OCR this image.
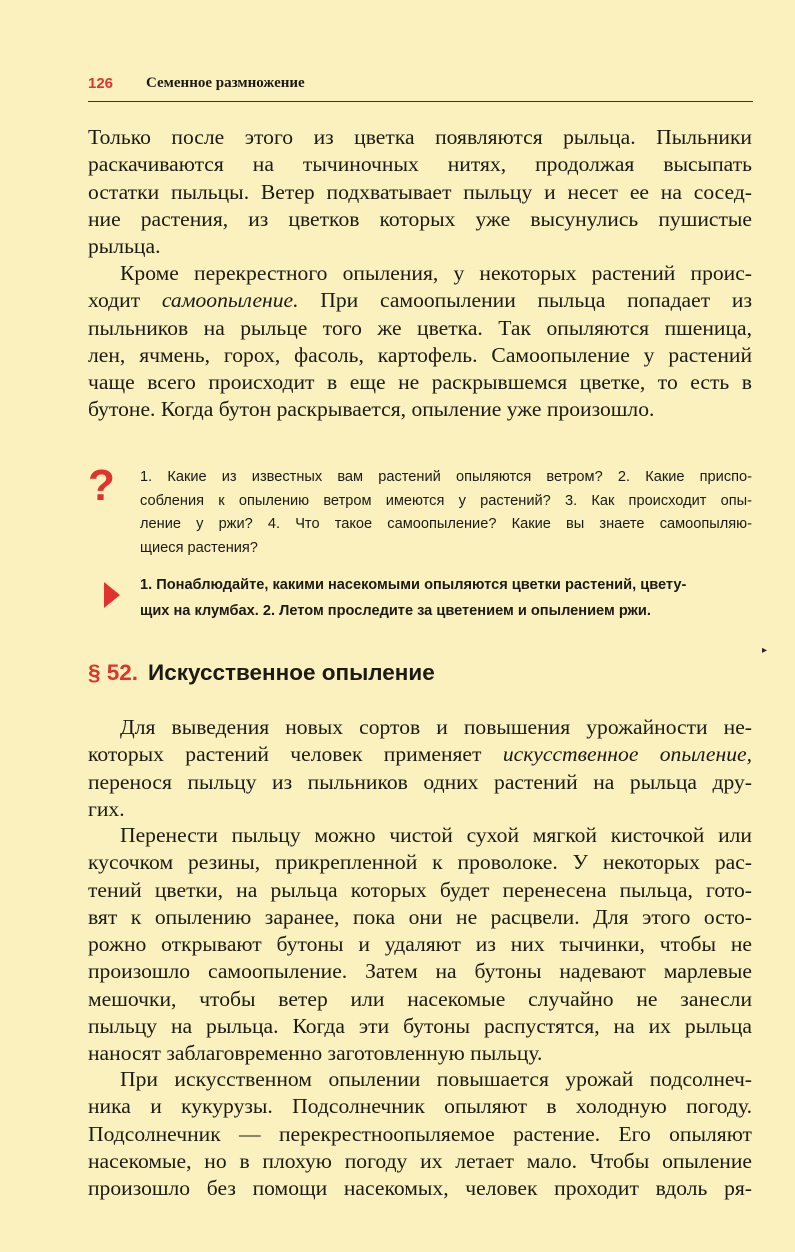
126 Семенное размножение
Только после этого из цветка появляются рыльца. Пыльники
раскачиваются на тычиночных нитях, продолжая высыпать
остатки пыльцы. Ветер подхватывает пыльцу и несет ее на сосед-
ние растения, из цветков которых уже высунулись пушистые
рыльца.
Кроме перекрестного опыления, у некоторых растений проис-
ходит самоопыление. При самоопылении пыльца попадает из
пыльников на рыльце того же цветка. Так опыляются пшеница,
лен, ячмень, горох, фасоль, картофель. Самоопыление у растений
чаще всего происходит в еще не раскрывшемся цветке, то есть в
бутоне. Когда бутон раскрывается, опыление уже произошло.
? 1. Какие из известных вам растений опыляются ветром? 2. Какие приспо-
собления к опылению ветром имеются у растений? 3. Как происходит опы-
ление у ржи? 4. Что такое самоопыление? Какие вы знаете самоопыляю-
щиеся растения?
1. Понаблюдайте, какими насекомыми опыляются цветки растений, цвету-
щих на клумбах. 2. Летом проследите за цветением и опылением ржи.
▸
§ 52. Искусственное опыление
Для выведения новых сортов и повышения урожайности не-
которых растений человек применяет искусственное опыление,
перенося пыльцу из пыльников одних растений на рыльца дру-
гих.
Перенести пыльцу можно чистой сухой мягкой кисточкой или
кусочком резины, прикрепленной к проволоке. У некоторых рас-
тений цветки, на рыльца которых будет перенесена пыльца, гото-
вят к опылению заранее, пока они не расцвели. Для этого осто-
рожно открывают бутоны и удаляют из них тычинки, чтобы не
произошло самоопыление. Затем на бутоны надевают марлевые
мешочки, чтобы ветер или насекомые случайно не занесли
пыльцу на рыльца. Когда эти бутоны распустятся, на их рыльца
наносят заблаговременно заготовленную пыльцу.
При искусственном опылении повышается урожай подсолнеч-
ника и кукурузы. Подсолнечник опыляют в холодную погоду.
Подсолнечник — перекрестноопыляемое растение. Его опыляют
насекомые, но в плохую погоду их летает мало. Чтобы опыление
произошло без помощи насекомых, человек проходит вдоль ря-
